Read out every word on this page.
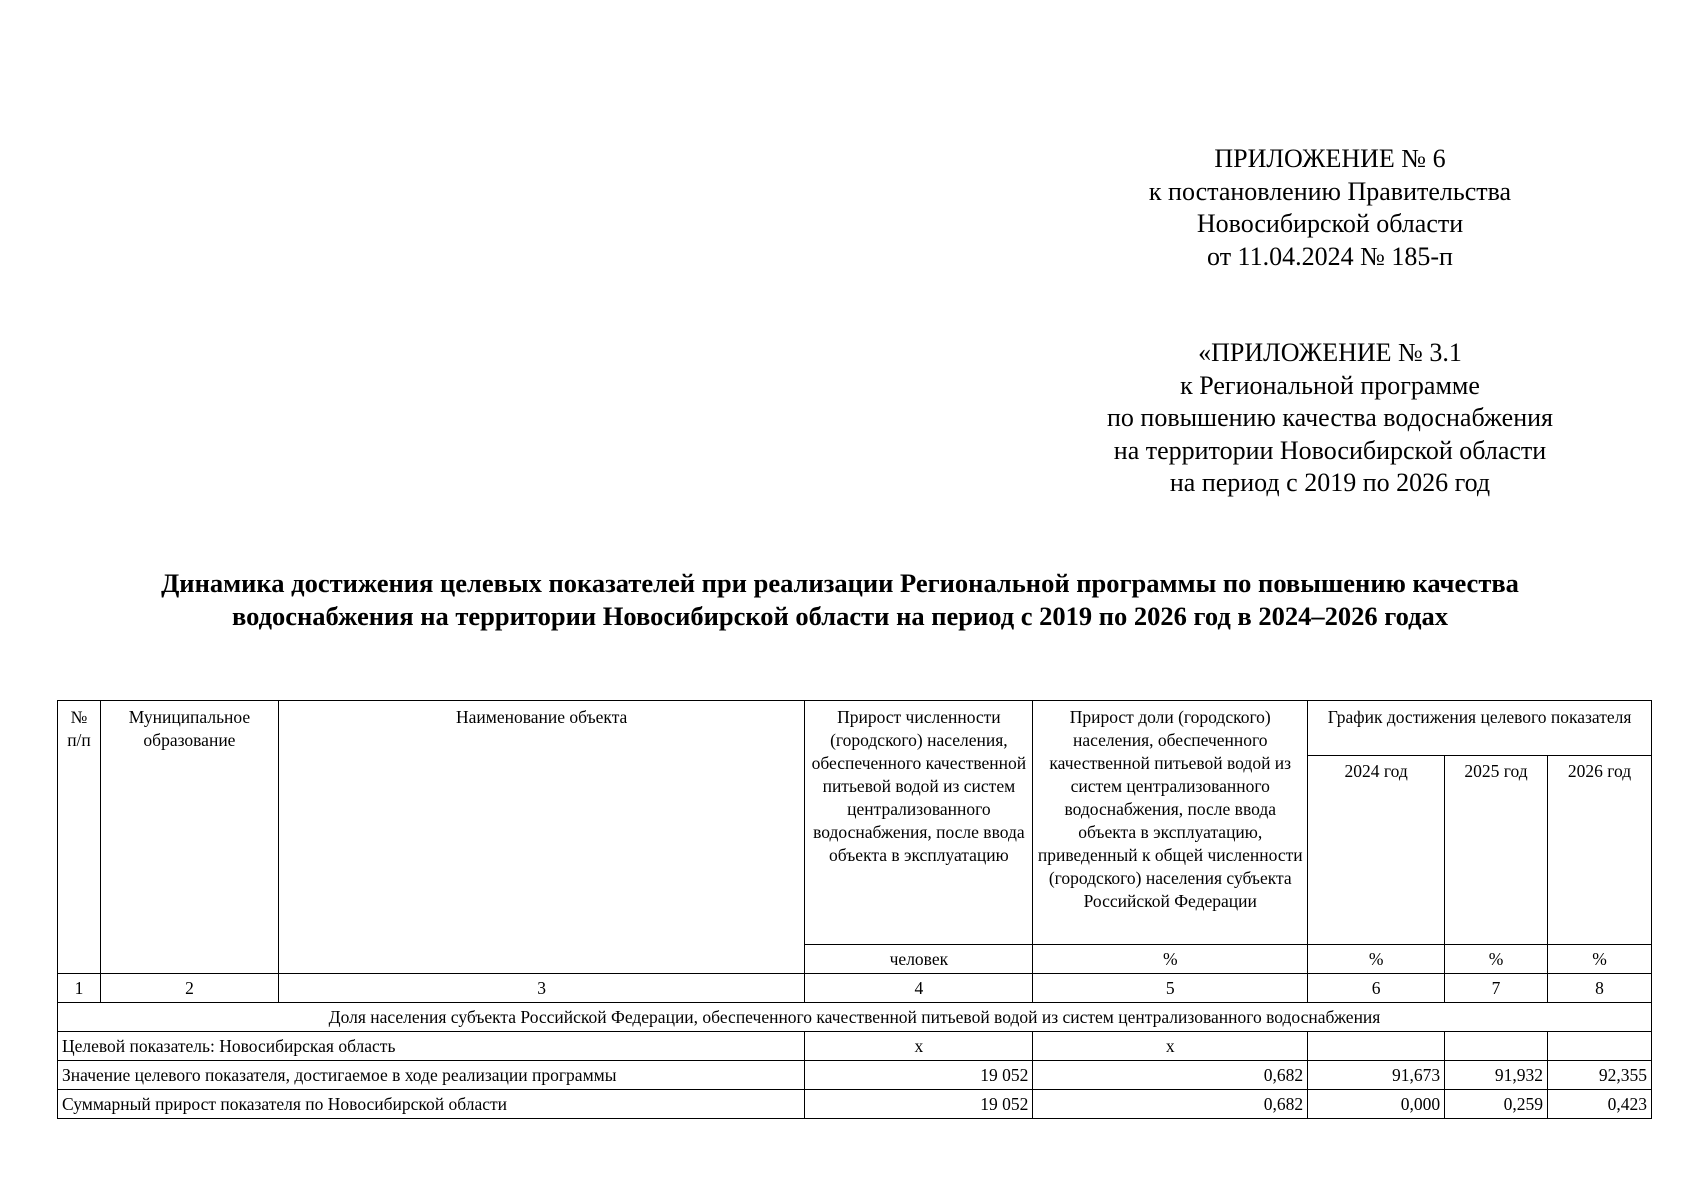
ПРИЛОЖЕНИЕ № 6
к постановлению Правительства
Новосибирской области
от 11.04.2024 № 185-п
«ПРИЛОЖЕНИЕ № 3.1
к Региональной программе
по повышению качества водоснабжения
на территории Новосибирской области
на период с 2019 по 2026 год
Динамика достижения целевых показателей при реализации Региональной программы по повышению качества
водоснабжения на территории Новосибирской области на период с 2019 по 2026 год в 2024–2026 годах
№ п/п	Муниципальное образование	Наименование объекта	Прирост численности (городского) населения, обеспеченного качественной питьевой водой из систем централизованного водоснабжения, после ввода объекта в эксплуатацию	Прирост доли (городского) населения, обеспеченного качественной питьевой водой из систем централизованного водоснабжения, после ввода объекта в эксплуатацию, приведенный к общей численности (городского) населения субъекта Российской Федерации	График достижения целевого показателя		
					2024 год	2025 год	2026 год
			человек	%	%	%	%
1	2	3	4	5	6	7	8
Доля населения субъекта Российской Федерации, обеспеченного качественной питьевой водой из систем централизованного водоснабжения							
Целевой показатель: Новосибирская область			х	х			
Значение целевого показателя, достигаемое в ходе реализации программы			19 052	0,682	91,673	91,932	92,355
Суммарный прирост показателя по Новосибирской области			19 052	0,682	0,000	0,259	0,423
